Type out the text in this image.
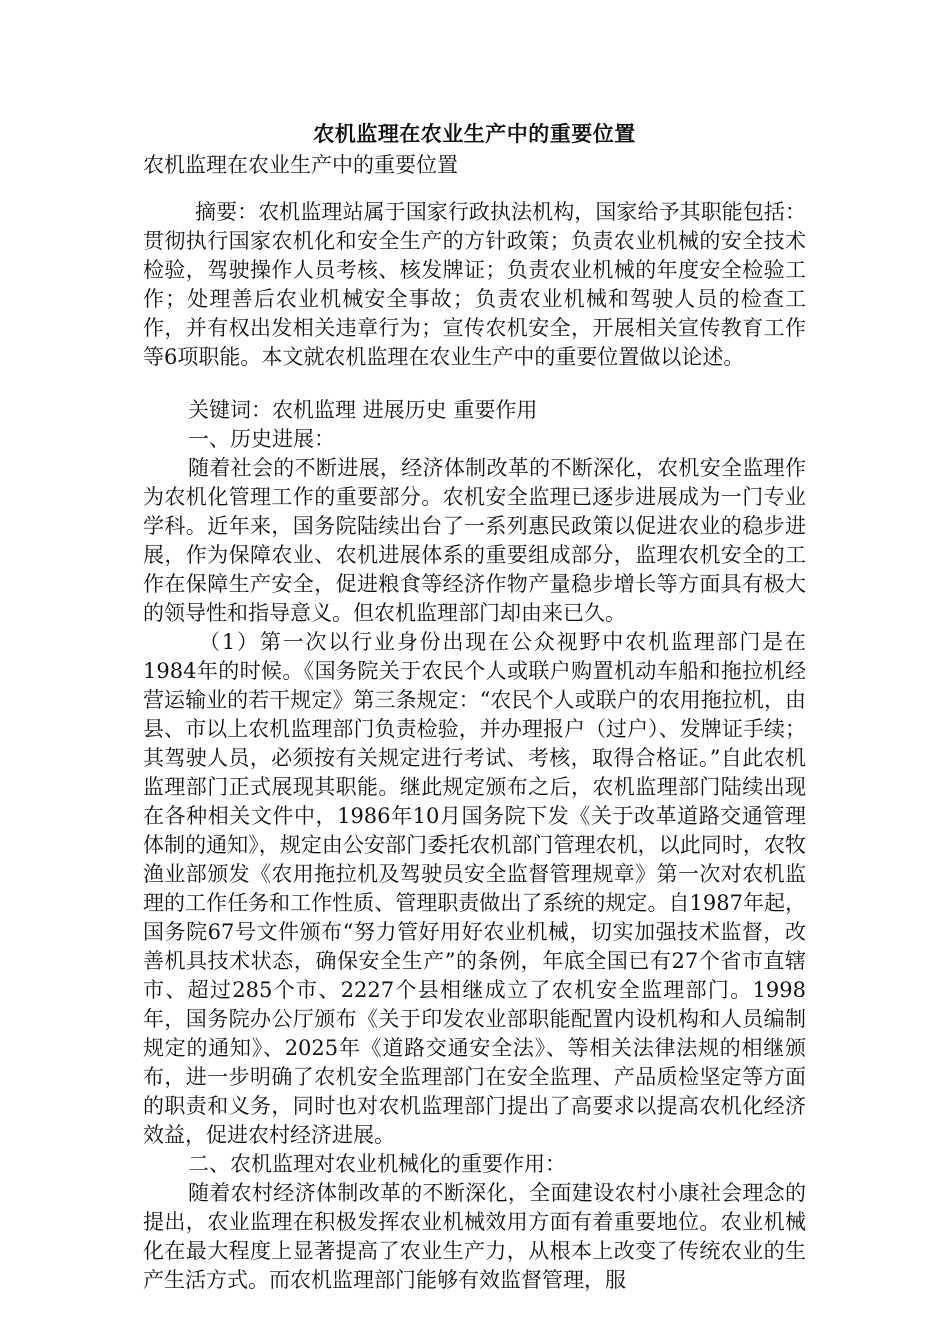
农机监理在农业生产中的重要位置

农机监理在农业生产中的重要位置

摘要：农机监理站属于国家行政执法机构，国家给予其职能包括：贯彻执行国家农机化和安全生产的方针政策；负责农业机械的安全技术检验，驾驶操作人员考核、核发牌证；负责农业机械的年度安全检验工作；处理善后农业机械安全事故；负责农业机械和驾驶人员的检查工作，并有权出发相关违章行为；宣传农机安全，开展相关宣传教育工作等6项职能。本文就农机监理在农业生产中的重要位置做以论述。

关键词：农机监理 进展历史 重要作用

一、历史进展：

随着社会的不断进展，经济体制改革的不断深化，农机安全监理作为农机化管理工作的重要部分。农机安全监理已逐步进展成为一门专业学科。近年来，国务院陆续出台了一系列惠民政策以促进农业的稳步进展，作为保障农业、农机进展体系的重要组成部分，监理农机安全的工作在保障生产安全，促进粮食等经济作物产量稳步增长等方面具有极大的领导性和指导意义。但农机监理部门却由来已久。

（1）第一次以行业身份出现在公众视野中农机监理部门是在1984年的时候。《国务院关于农民个人或联户购置机动车船和拖拉机经营运输业的若干规定》第三条规定：“农民个人或联户的农用拖拉机，由县、市以上农机监理部门负责检验，并办理报户（过户）、发牌证手续；其驾驶人员，必须按有关规定进行考试、考核，取得合格证。”自此农机监理部门正式展现其职能。继此规定颁布之后，农机监理部门陆续出现在各种相关文件中，1986年10月国务院下发《关于改革道路交通管理体制的通知》，规定由公安部门委托农机部门管理农机，以此同时，农牧渔业部颁发《农用拖拉机及驾驶员安全监督管理规章》第一次对农机监理的工作任务和工作性质、管理职责做出了系统的规定。自1987年起，国务院67号文件颁布“努力管好用好农业机械，切实加强技术监督，改善机具技术状态，确保安全生产”的条例，年底全国已有27个省市直辖市、超过285个市、2227个县相继成立了农机安全监理部门。1998年，国务院办公厅颁布《关于印发农业部职能配置内设机构和人员编制规定的通知》、2025年《道路交通安全法》、等相关法律法规的相继颁布，进一步明确了农机安全监理部门在安全监理、产品质检坚定等方面的职责和义务，同时也对农机监理部门提出了高要求以提高农机化经济效益，促进农村经济进展。

二、农机监理对农业机械化的重要作用：

随着农村经济体制改革的不断深化，全面建设农村小康社会理念的提出，农业监理在积极发挥农业机械效用方面有着重要地位。农业机械化在最大程度上显著提高了农业生产力，从根本上改变了传统农业的生产生活方式。而农机监理部门能够有效监督管理，服
